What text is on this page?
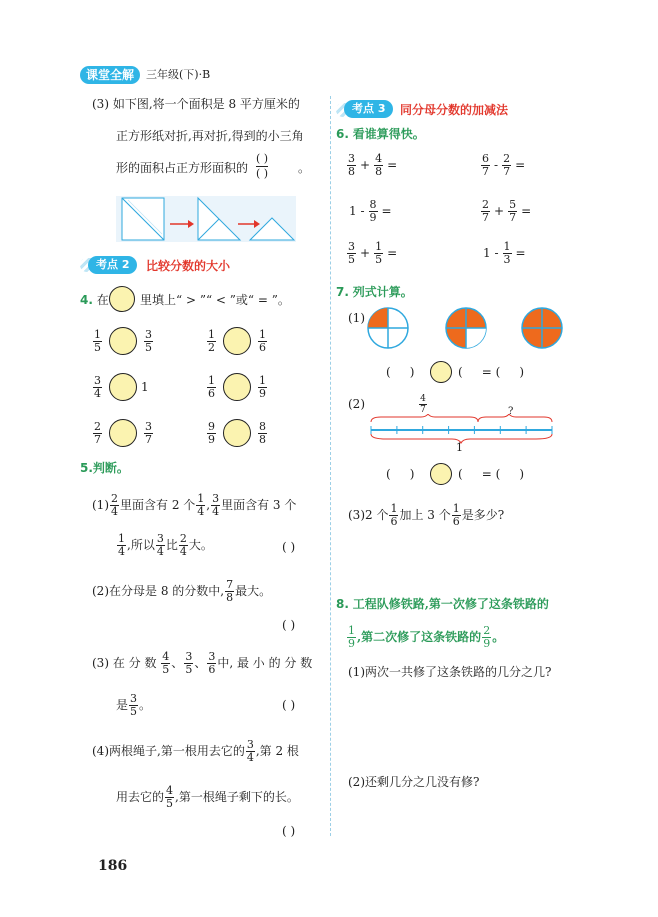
课堂全解	三年级(下)·B
(3) 如下图,将一个面积是 8 平方厘米的
正方形纸对折,再对折,得到的小三角
形的面积占正方形面积的
( )
( ) 。
考点 2	比较分数的大小
4. 在	里填上“ > ”“ < ”或“ = ”。
$\frac{1}{5}$	$\frac{3}{5}$	$\frac{1}{2}$	$\frac{1}{6}$
$\frac{3}{4}$	1	$\frac{1}{6}$	$\frac{1}{9}$
$\frac{2}{7}$	$\frac{3}{7}$	$\frac{9}{9}$	$\frac{8}{8}$
5.判断。
$(1) \frac{2}{4}$ 里面含有 2 个 $\frac{1}{4}$ , $\frac{3}{4}$ 里面含有 3 个
$\frac{1}{4}$ ,所以 $\frac{3}{4}$ 比 $\frac{2}{4}$ 大。	( )
(2)在分母是 8 的分数中, $\frac{7}{8}$ 最大。
( )
(3) 在 分 数 $\frac{4}{5}$ 、 $\frac{3}{5}$ 、 $\frac{3}{6}$ 中, 最 小 的 分 数
是 $\frac{3}{5}$ 。	( )
(4)两根绳子,第一根用去它的 $\frac{3}{4}$ ,第 2 根
用去它的 $\frac{4}{5}$ ,第一根绳子剩下的长。
( )
186
考点 3	同分母分数的加减法
6. 看谁算得快。
$\frac{3}{8} + \frac{4}{8}$ =	$\frac{6}{7} - \frac{2}{7}$ =
$1 - \frac{8}{9}$ =	$\frac{2}{7} + \frac{5}{7}$ =
$\frac{3}{5} + \frac{1}{5}$ =	$1 - \frac{1}{3}$ =
7. 列式计算。
(1)
( )	( = ( )
(2)	$\frac{4}{7}$	?
1
( )	( = ( )
(3)2 个 $\frac{1}{6}$ 加上 3 个 $\frac{1}{6}$ 是多少?
8. 工程队修铁路,第一次修了这条铁路的
$\frac{1}{9}$ ,第二次修了这条铁路的 $\frac{2}{9}$ 。
(1)两次一共修了这条铁路的几分之几?
(2)还剩几分之几没有修?
